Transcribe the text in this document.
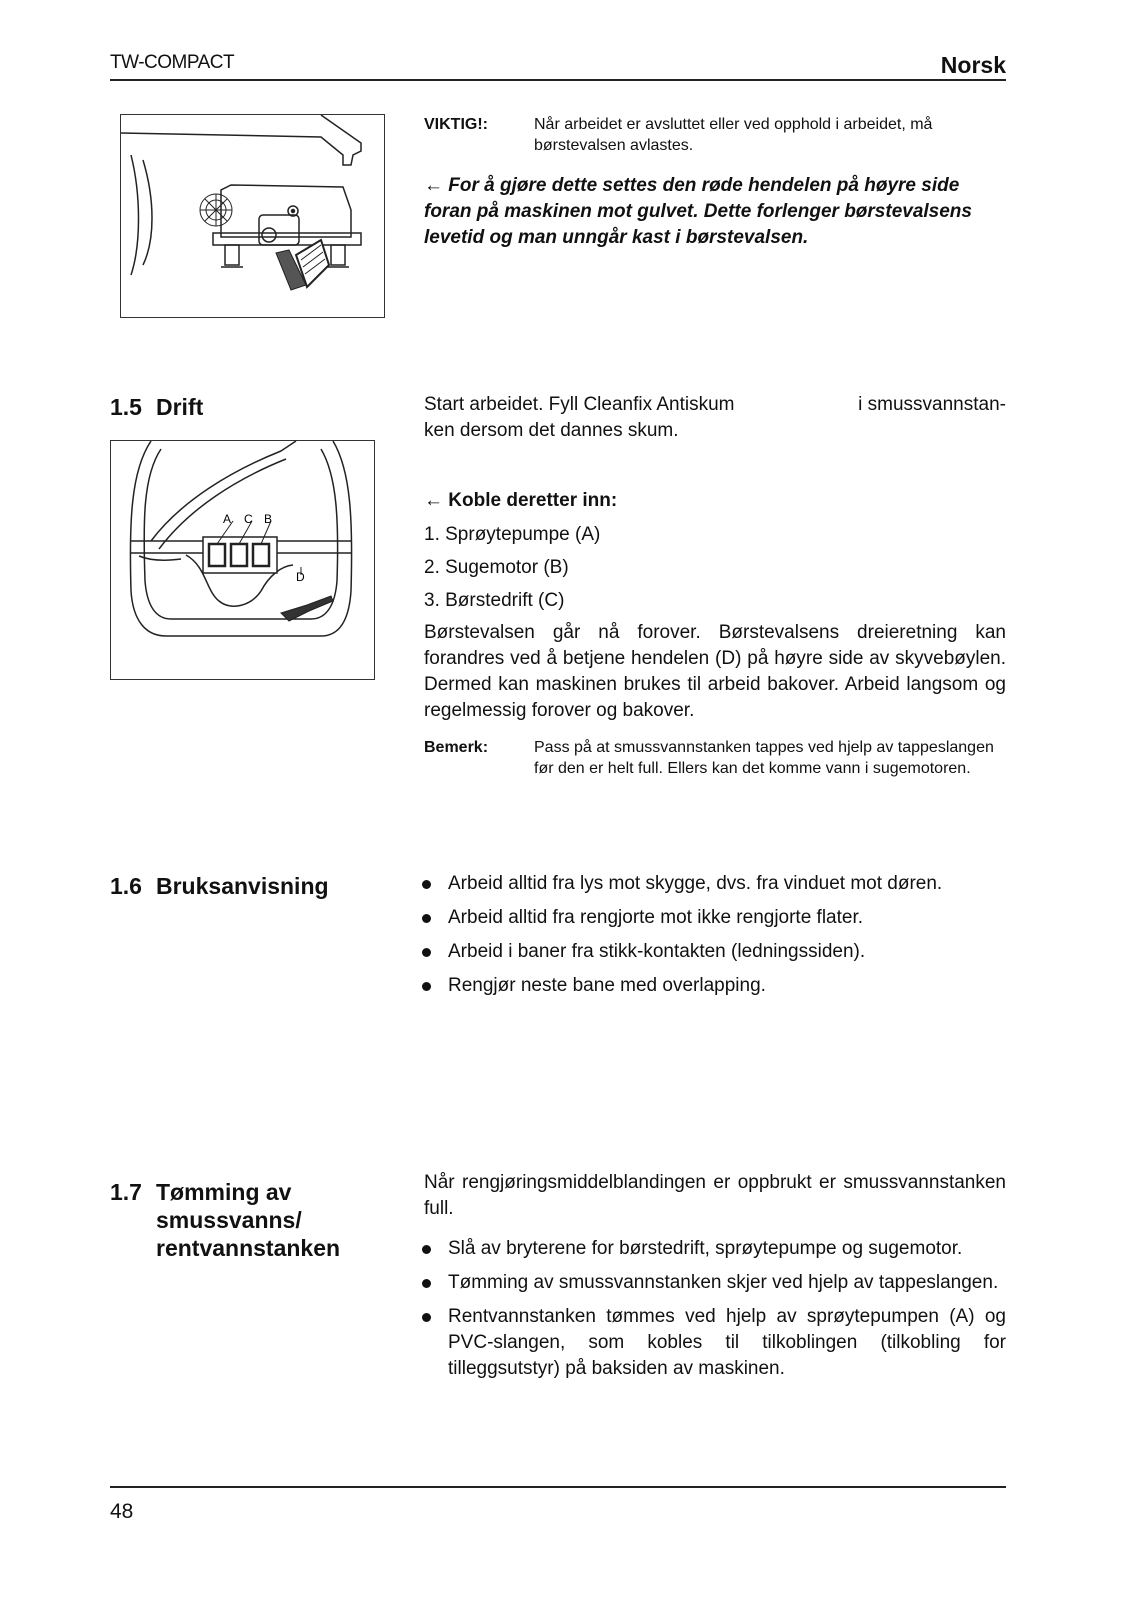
TW-COMPACT	Norsk
VIKTIG!:	Når arbeidet er avsluttet eller ved opphold i arbeidet, må børstevalsen avlastes.
← For å gjøre dette settes den røde hendelen på høyre side foran på maskinen mot gulvet. Dette forlenger børstevalsens levetid og man unngår kast i børstevalsen.
1.5 Drift	Start arbeidet. Fyll Cleanfix Antiskum	i smussvannstan-
ken dersom det dannes skum.
A C B
D
← Koble deretter inn:
1. Sprøytepumpe (A)
2. Sugemotor (B)
3. Børstedrift (C)
Børstevalsen går nå forover. Børstevalsens dreieretning kan forandres ved å betjene hendelen (D) på høyre side av skyvebøylen. Dermed kan maskinen brukes til arbeid bakover. Arbeid langsom og regelmessig forover og bakover.
Bemerk:	Pass på at smussvannstanken tappes ved hjelp av tappeslangen før den er helt full. Ellers kan det komme vann i sugemotoren.
1.6 Bruksanvisning	Arbeid alltid fra lys mot skygge, dvs. fra vinduet mot døren.
Arbeid alltid fra rengjorte mot ikke rengjorte flater.
Arbeid i baner fra stikk-kontakten (ledningssiden).
Rengjør neste bane med overlapping.
1.7 Tømming av
smussvanns/
rentvannstanken
Når rengjøringsmiddelblandingen er oppbrukt er smussvannstanken full.
Slå av bryterene for børstedrift, sprøytepumpe og sugemotor.
Tømming av smussvannstanken skjer ved hjelp av tappeslangen.
Rentvannstanken tømmes ved hjelp av sprøytepumpen (A) og PVC-slangen, som kobles til tilkoblingen (tilkobling for tilleggsutstyr) på baksiden av maskinen.
48
